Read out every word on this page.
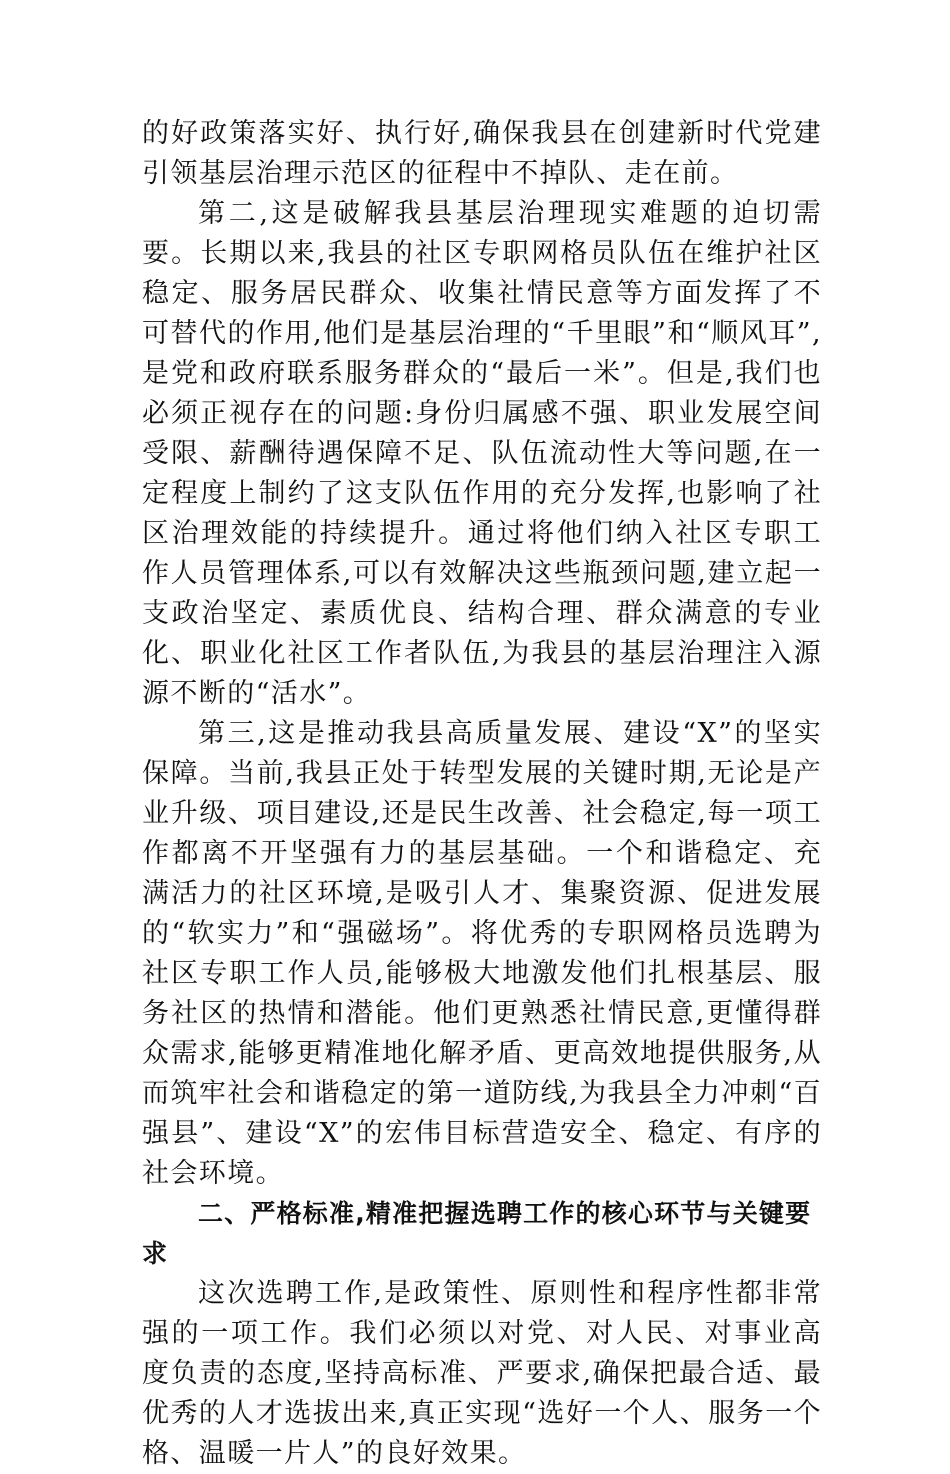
的好政策落实好、执行好,确保我县在创建新时代党建引领基层治理示范区的征程中不掉队、走在前。

第二,这是破解我县基层治理现实难题的迫切需要。长期以来,我县的社区专职网格员队伍在维护社区稳定、服务居民群众、收集社情民意等方面发挥了不可替代的作用,他们是基层治理的“千里眼”和“顺风耳”,是党和政府联系服务群众的“最后一米”。但是,我们也必须正视存在的问题:身份归属感不强、职业发展空间受限、薪酬待遇保障不足、队伍流动性大等问题,在一定程度上制约了这支队伍作用的充分发挥,也影响了社区治理效能的持续提升。通过将他们纳入社区专职工作人员管理体系,可以有效解决这些瓶颈问题,建立起一支政治坚定、素质优良、结构合理、群众满意的专业化、职业化社区工作者队伍,为我县的基层治理注入源源不断的“活水”。

第三,这是推动我县高质量发展、建设“X”的坚实保障。当前,我县正处于转型发展的关键时期,无论是产业升级、项目建设,还是民生改善、社会稳定,每一项工作都离不开坚强有力的基层基础。一个和谐稳定、充满活力的社区环境,是吸引人才、集聚资源、促进发展的“软实力”和“强磁场”。将优秀的专职网格员选聘为社区专职工作人员,能够极大地激发他们扎根基层、服务社区的热情和潜能。他们更熟悉社情民意,更懂得群众需求,能够更精准地化解矛盾、更高效地提供服务,从而筑牢社会和谐稳定的第一道防线,为我县全力冲刺“百强县”、建设“X”的宏伟目标营造安全、稳定、有序的社会环境。

二、严格标准,精准把握选聘工作的核心环节与关键要求

这次选聘工作,是政策性、原则性和程序性都非常强的一项工作。我们必须以对党、对人民、对事业高度负责的态度,坚持高标准、严要求,确保把最合适、最优秀的人才选拔出来,真正实现“选好一个人、服务一个格、温暖一片人”的良好效果。
